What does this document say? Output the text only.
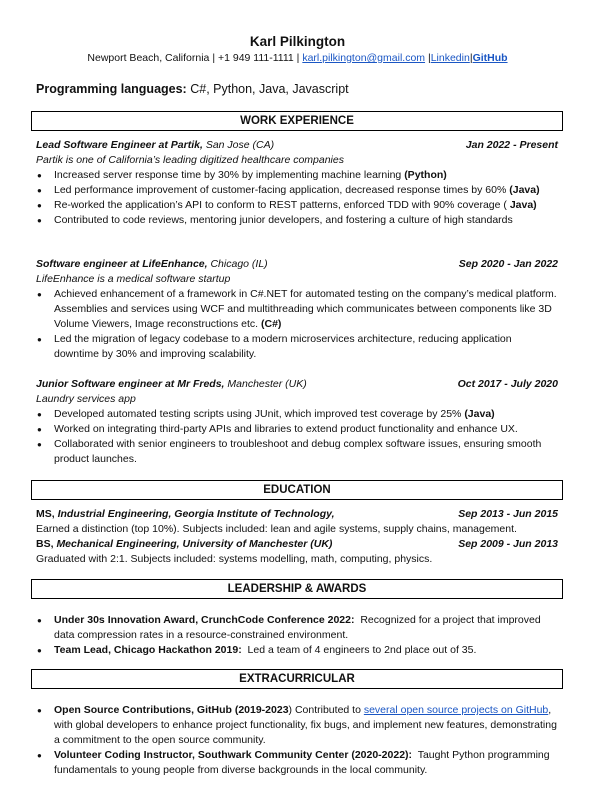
Karl Pilkington
Newport Beach, California | +1 949 111-1111 | karl.pilkington@gmail.com |Linkedin|GitHub
Programming languages: C#, Python, Java, Javascript
WORK EXPERIENCE
Lead Software Engineer at Partik, San Jose (CA)	Jan 2022 - Present
Partik is one of California’s leading digitized healthcare companies
● Increased server response time by 30% by implementing machine learning (Python)
● Led performance improvement of customer-facing application, decreased response times by 60% (Java)
● Re-worked the application’s API to conform to REST patterns, enforced TDD with 90% coverage ( Java)
● Contributed to code reviews, mentoring junior developers, and fostering a culture of high standards
Software engineer at LifeEnhance, Chicago (IL)	Sep 2020 - Jan 2022
LifeEnhance is a medical software startup
● Achieved enhancement of a framework in C#.NET for automated testing on the company’s medical platform. Assemblies and services using WCF and multithreading which communicates between components like 3D Volume Viewers, Image reconstructions etc. (C#)
● Led the migration of legacy codebase to a modern microservices architecture, reducing application downtime by 30% and improving scalability.
Junior Software engineer at Mr Freds, Manchester (UK)	Oct 2017 - July 2020
Laundry services app
● Developed automated testing scripts using JUnit, which improved test coverage by 25% (Java)
● Worked on integrating third-party APIs and libraries to extend product functionality and enhance UX.
● Collaborated with senior engineers to troubleshoot and debug complex software issues, ensuring smooth product launches.
EDUCATION
MS, Industrial Engineering, Georgia Institute of Technology,	Sep 2013 - Jun 2015
Earned a distinction (top 10%). Subjects included: lean and agile systems, supply chains, management.
BS, Mechanical Engineering, University of Manchester (UK)	Sep 2009 - Jun 2013
Graduated with 2:1. Subjects included: systems modelling, math, computing, physics.
LEADERSHIP & AWARDS
● Under 30s Innovation Award, CrunchCode Conference 2022: Recognized for a project that improved data compression rates in a resource-constrained environment.
● Team Lead, Chicago Hackathon 2019: Led a team of 4 engineers to 2nd place out of 35.
EXTRACURRICULAR
● Open Source Contributions, GitHub (2019-2023) Contributed to several open source projects on GitHub, with global developers to enhance project functionality, fix bugs, and implement new features, demonstrating a commitment to the open source community.
● Volunteer Coding Instructor, Southwark Community Center (2020-2022): Taught Python programming fundamentals to young people from diverse backgrounds in the local community.
